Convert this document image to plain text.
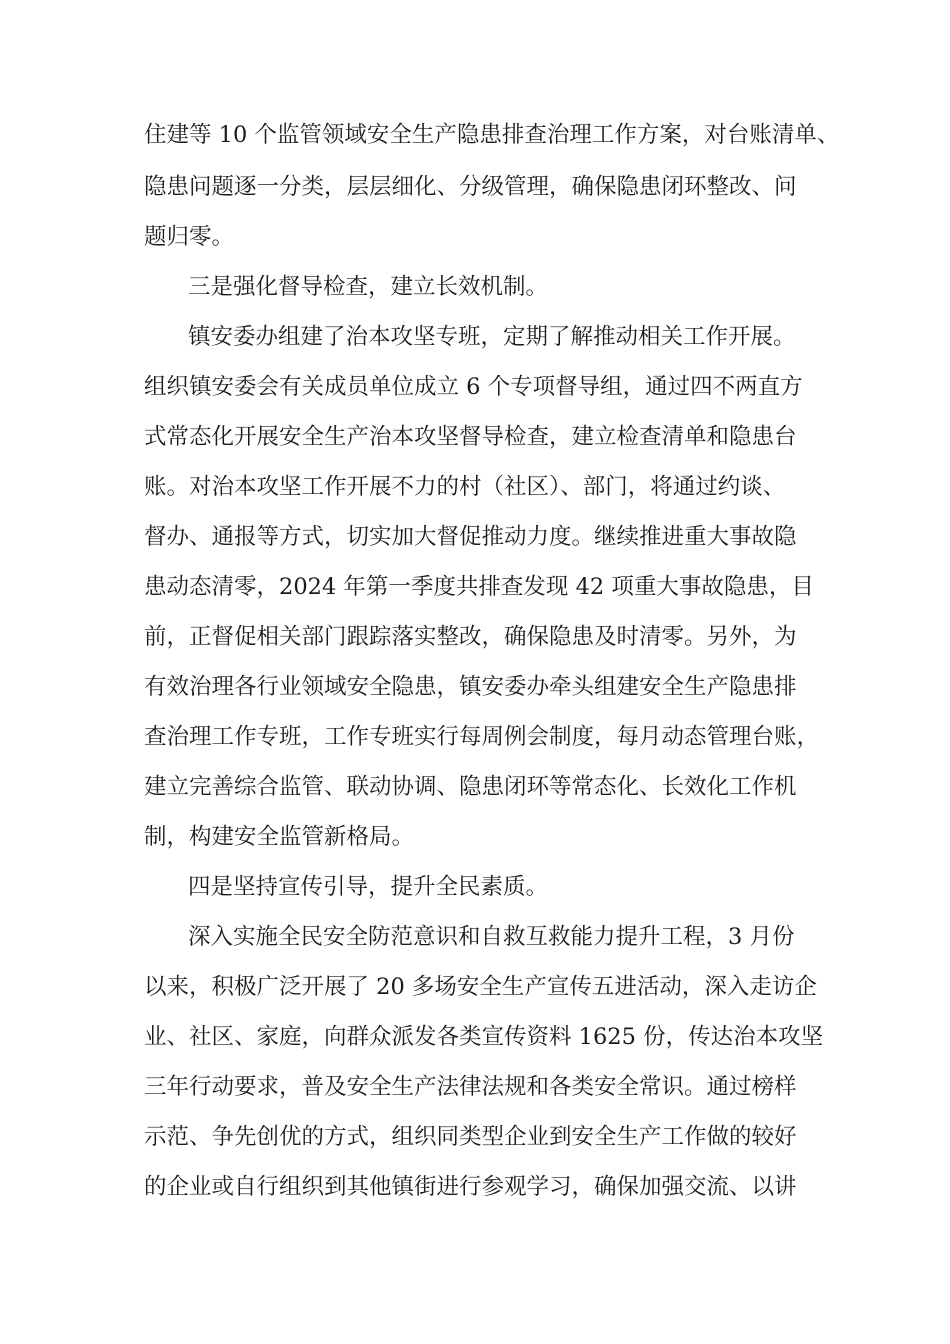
住建等 10 个监管领域安全生产隐患排查治理工作方案，对台账清单、
隐患问题逐一分类，层层细化、分级管理，确保隐患闭环整改、问
题归零。
三是强化督导检查，建立长效机制。
镇安委办组建了治本攻坚专班，定期了解推动相关工作开展。
组织镇安委会有关成员单位成立 6 个专项督导组，通过四不两直方
式常态化开展安全生产治本攻坚督导检查，建立检查清单和隐患台
账。对治本攻坚工作开展不力的村（社区）、部门，将通过约谈、
督办、通报等方式，切实加大督促推动力度。继续推进重大事故隐
患动态清零，2024 年第一季度共排查发现 42 项重大事故隐患，目
前，正督促相关部门跟踪落实整改，确保隐患及时清零。另外，为
有效治理各行业领域安全隐患，镇安委办牵头组建安全生产隐患排
查治理工作专班，工作专班实行每周例会制度，每月动态管理台账，
建立完善综合监管、联动协调、隐患闭环等常态化、长效化工作机
制，构建安全监管新格局。
四是坚持宣传引导，提升全民素质。
深入实施全民安全防范意识和自救互救能力提升工程，3 月份
以来，积极广泛开展了 20 多场安全生产宣传五进活动，深入走访企
业、社区、家庭，向群众派发各类宣传资料 1625 份，传达治本攻坚
三年行动要求，普及安全生产法律法规和各类安全常识。通过榜样
示范、争先创优的方式，组织同类型企业到安全生产工作做的较好
的企业或自行组织到其他镇街进行参观学习，确保加强交流、以讲
